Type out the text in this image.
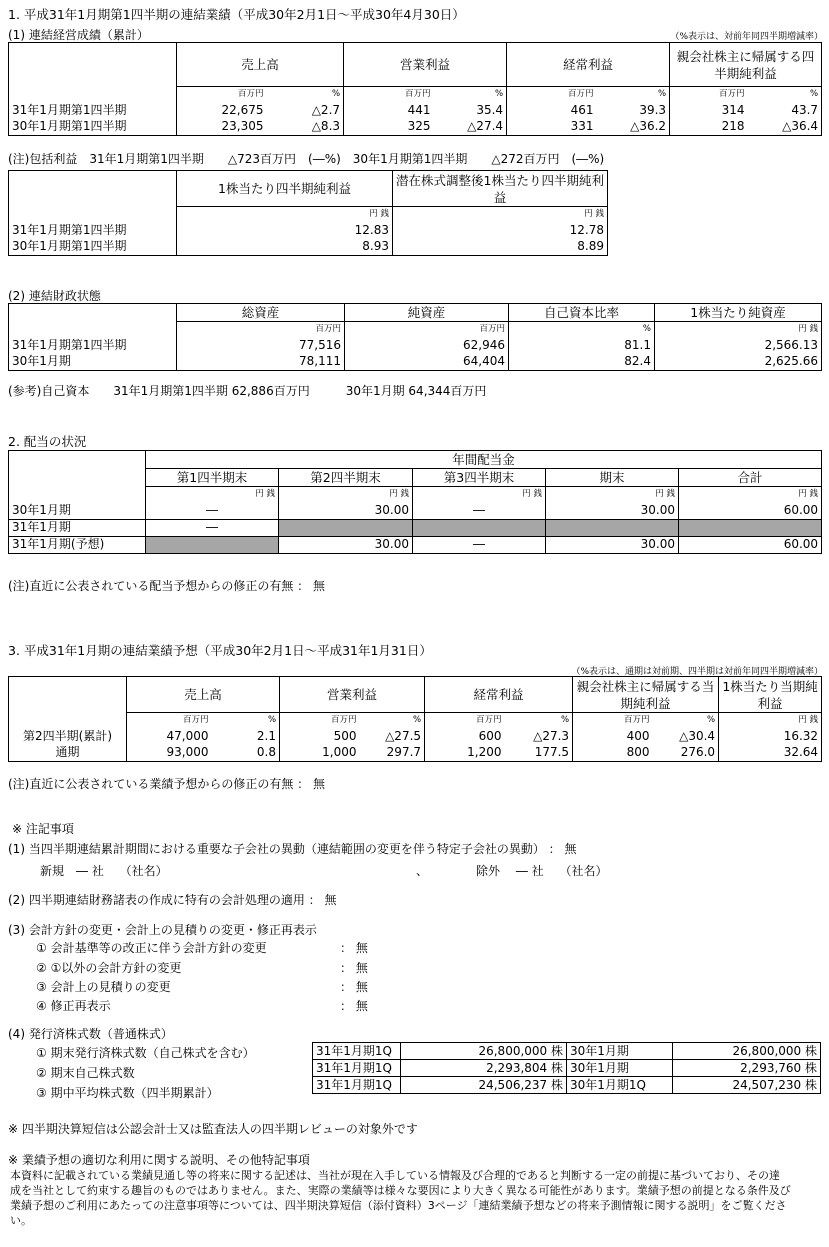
1. 平成31年1月期第1四半期の連結業績（平成30年2月1日～平成30年4月30日）
(1) 連結経営成績（累計）	（%表示は、対前年同四半期増減率）
	売上高		営業利益		経常利益		親会社株主に帰属する四半期純利益	
	百万円	%	百万円	%	百万円	%	百万円	%
31年1月期第1四半期	22,675	△2.7	441	35.4	461	39.3	314	43.7
30年1月期第1四半期	23,305	△8.3	325	△27.4	331	△36.2	218	△36.4
(注)包括利益　31年1月期第1四半期　　△723百万円　(―%)　30年1月期第1四半期　　△272百万円　(―%)
	1株当たり四半期純利益	潜在株式調整後1株当たり四半期純利益
	円 銭	円 銭
31年1月期第1四半期	12.83	12.78
30年1月期第1四半期	8.93	8.89
(2) 連結財政状態
	総資産	純資産	自己資本比率	1株当たり純資産
	百万円	百万円	%	円 銭
31年1月期第1四半期	77,516	62,946	81.1	2,566.13
30年1月期	78,111	64,404	82.4	2,625.66
(参考)自己資本　　31年1月期第1四半期 62,886百万円　　　30年1月期 64,344百万円
2. 配当の状況
	年間配当金				
	第1四半期末	第2四半期末	第3四半期末	期末	合計
	円 銭	円 銭	円 銭	円 銭	円 銭
30年1月期	―	30.00	―	30.00	60.00
31年1月期	―				
31年1月期(予想)		30.00	―	30.00	60.00
(注)直近に公表されている配当予想からの修正の有無 ： 無
3. 平成31年1月期の連結業績予想（平成30年2月1日～平成31年1月31日）
（%表示は、通期は対前期、四半期は対前年同四半期増減率）
	売上高		営業利益		経常利益		親会社株主に帰属する当期純利益		1株当たり当期純利益
	百万円	%	百万円	%	百万円	%	百万円	%	円 銭
第2四半期(累計)	47,000	2.1	500	△27.5	600	△27.3	400	△30.4	16.32
通期	93,000	0.8	1,000	297.7	1,200	177.5	800	276.0	32.64
(注)直近に公表されている業績予想からの修正の有無 ： 無
※ 注記事項
(1) 当四半期連結累計期間における重要な子会社の異動（連結範囲の変更を伴う特定子会社の異動） ： 無
新規　― 社　 （社名）	、	除外　 ― 社　 （社名）
(2) 四半期連結財務諸表の作成に特有の会計処理の適用 ： 無
(3) 会計方針の変更・会計上の見積りの変更・修正再表示
① 会計基準等の改正に伴う会計方針の変更	： 無
② ①以外の会計方針の変更	： 無
③ 会計上の見積りの変更	： 無
④ 修正再表示	： 無
(4) 発行済株式数（普通株式）
① 期末発行済株式数（自己株式を含む）
② 期末自己株式数
③ 期中平均株式数（四半期累計）
31年1月期1Q	26,800,000 株	30年1月期	26,800,000 株
31年1月期1Q	2,293,804 株	30年1月期	2,293,760 株
31年1月期1Q	24,506,237 株	30年1月期1Q	24,507,230 株
※ 四半期決算短信は公認会計士又は監査法人の四半期レビューの対象外です
※ 業績予想の適切な利用に関する説明、その他特記事項
本資料に記載されている業績見通し等の将来に関する記述は、当社が現在入手している情報及び合理的であると判断する一定の前提に基づいており、その達
成を当社として約束する趣旨のものではありません。また、実際の業績等は様々な要因により大きく異なる可能性があります。業績予想の前提となる条件及び
業績予想のご利用にあたっての注意事項等については、四半期決算短信（添付資料）3ページ「連結業績予想などの将来予測情報に関する説明」をご覧くださ
い。
